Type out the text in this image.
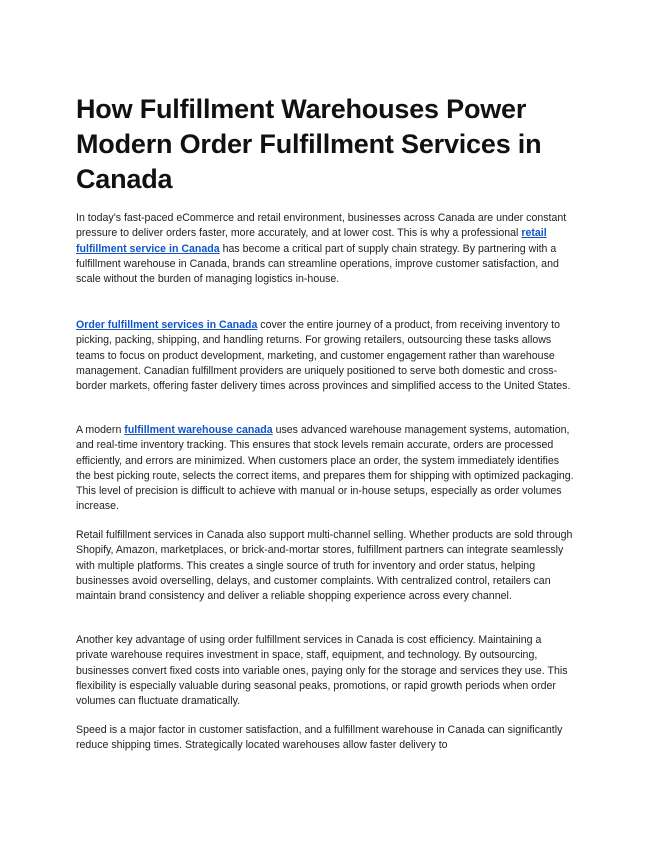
How Fulfillment Warehouses Power Modern Order Fulfillment Services in Canada

In today's fast-paced eCommerce and retail environment, businesses across Canada are under constant pressure to deliver orders faster, more accurately, and at lower cost. This is why a professional retail fulfillment service in Canada has become a critical part of supply chain strategy. By partnering with a fulfillment warehouse in Canada, brands can streamline operations, improve customer satisfaction, and scale without the burden of managing logistics in-house.

Order fulfillment services in Canada cover the entire journey of a product, from receiving inventory to picking, packing, shipping, and handling returns. For growing retailers, outsourcing these tasks allows teams to focus on product development, marketing, and customer engagement rather than warehouse management. Canadian fulfillment providers are uniquely positioned to serve both domestic and cross-border markets, offering faster delivery times across provinces and simplified access to the United States.

A modern fulfillment warehouse canada uses advanced warehouse management systems, automation, and real-time inventory tracking. This ensures that stock levels remain accurate, orders are processed efficiently, and errors are minimized. When customers place an order, the system immediately identifies the best picking route, selects the correct items, and prepares them for shipping with optimized packaging. This level of precision is difficult to achieve with manual or in-house setups, especially as order volumes increase.

Retail fulfillment services in Canada also support multi-channel selling. Whether products are sold through Shopify, Amazon, marketplaces, or brick-and-mortar stores, fulfillment partners can integrate seamlessly with multiple platforms. This creates a single source of truth for inventory and order status, helping businesses avoid overselling, delays, and customer complaints. With centralized control, retailers can maintain brand consistency and deliver a reliable shopping experience across every channel.

Another key advantage of using order fulfillment services in Canada is cost efficiency. Maintaining a private warehouse requires investment in space, staff, equipment, and technology. By outsourcing, businesses convert fixed costs into variable ones, paying only for the storage and services they use. This flexibility is especially valuable during seasonal peaks, promotions, or rapid growth periods when order volumes can fluctuate dramatically.

Speed is a major factor in customer satisfaction, and a fulfillment warehouse in Canada can significantly reduce shipping times. Strategically located warehouses allow faster delivery to
